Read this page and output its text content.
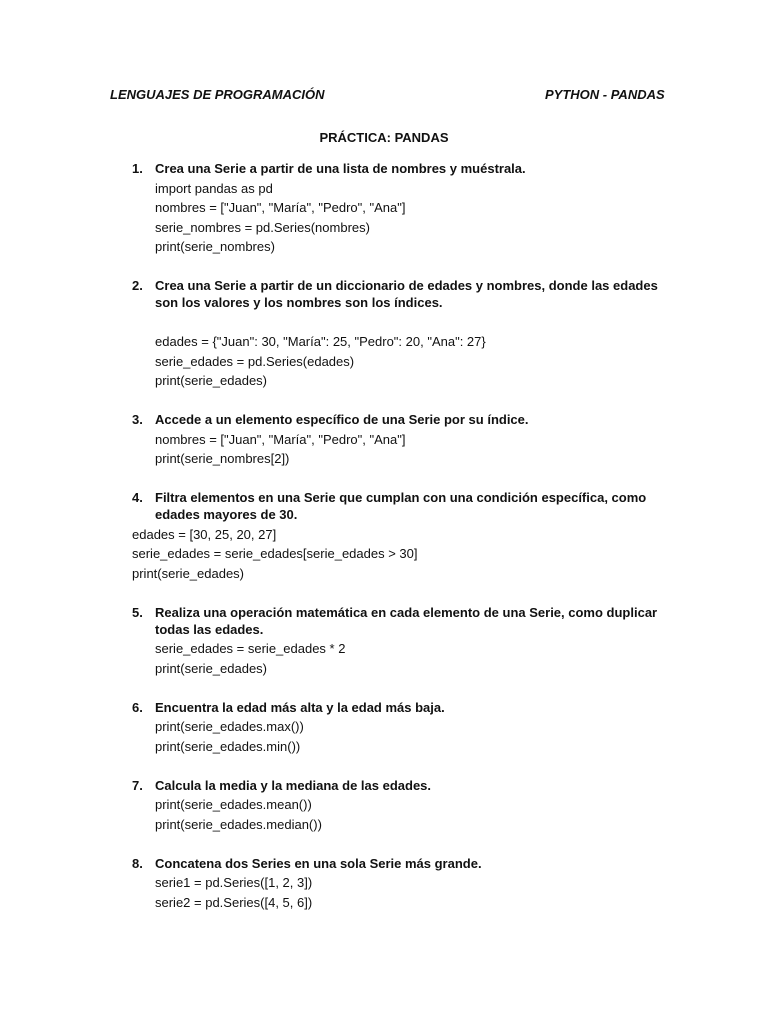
LENGUAJES DE PROGRAMACIÓN	PYTHON - PANDAS
PRÁCTICA: PANDAS
1. Crea una Serie a partir de una lista de nombres y muéstrala.
import pandas as pd
nombres = ["Juan", "María", "Pedro", "Ana"]
serie_nombres = pd.Series(nombres)
print(serie_nombres)
2. Crea una Serie a partir de un diccionario de edades y nombres, donde las edades son los valores y los nombres son los índices.
edades = {"Juan": 30, "María": 25, "Pedro": 20, "Ana": 27}
serie_edades = pd.Series(edades)
print(serie_edades)
3. Accede a un elemento específico de una Serie por su índice.
nombres = ["Juan", "María", "Pedro", "Ana"]
print(serie_nombres[2])
4. Filtra elementos en una Serie que cumplan con una condición específica, como edades mayores de 30.
edades = [30, 25, 20, 27]
serie_edades = serie_edades[serie_edades > 30]
print(serie_edades)
5. Realiza una operación matemática en cada elemento de una Serie, como duplicar todas las edades.
serie_edades = serie_edades * 2
print(serie_edades)
6. Encuentra la edad más alta y la edad más baja.
print(serie_edades.max())
print(serie_edades.min())
7. Calcula la media y la mediana de las edades.
print(serie_edades.mean())
print(serie_edades.median())
8. Concatena dos Series en una sola Serie más grande.
serie1 = pd.Series([1, 2, 3])
serie2 = pd.Series([4, 5, 6])
